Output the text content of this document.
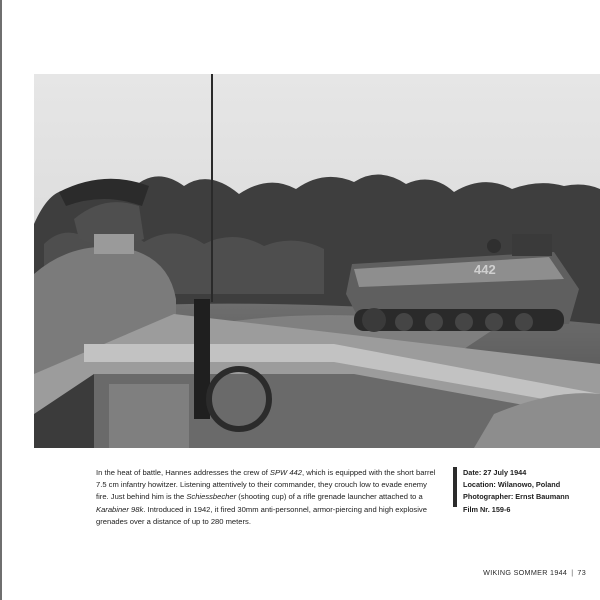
442
In the heat of battle, Hannes addresses the crew of SPW 442, which is equipped with the short barrel 7.5 cm infantry howitzer. Listening attentively to their commander, they crouch low to evade enemy fire. Just behind him is the Schiessbecher (shooting cup) of a rifle grenade launcher attached to a Karabiner 98k. Introduced in 1942, it fired 30mm anti-personnel, armor-piercing and high explosive grenades over a distance of up to 280 meters.
Date: 27 July 1944
Location: Wilanowo, Poland
Photographer: Ernst Baumann
Film Nr. 159-6
WIKING SOMMER 1944 | 73
